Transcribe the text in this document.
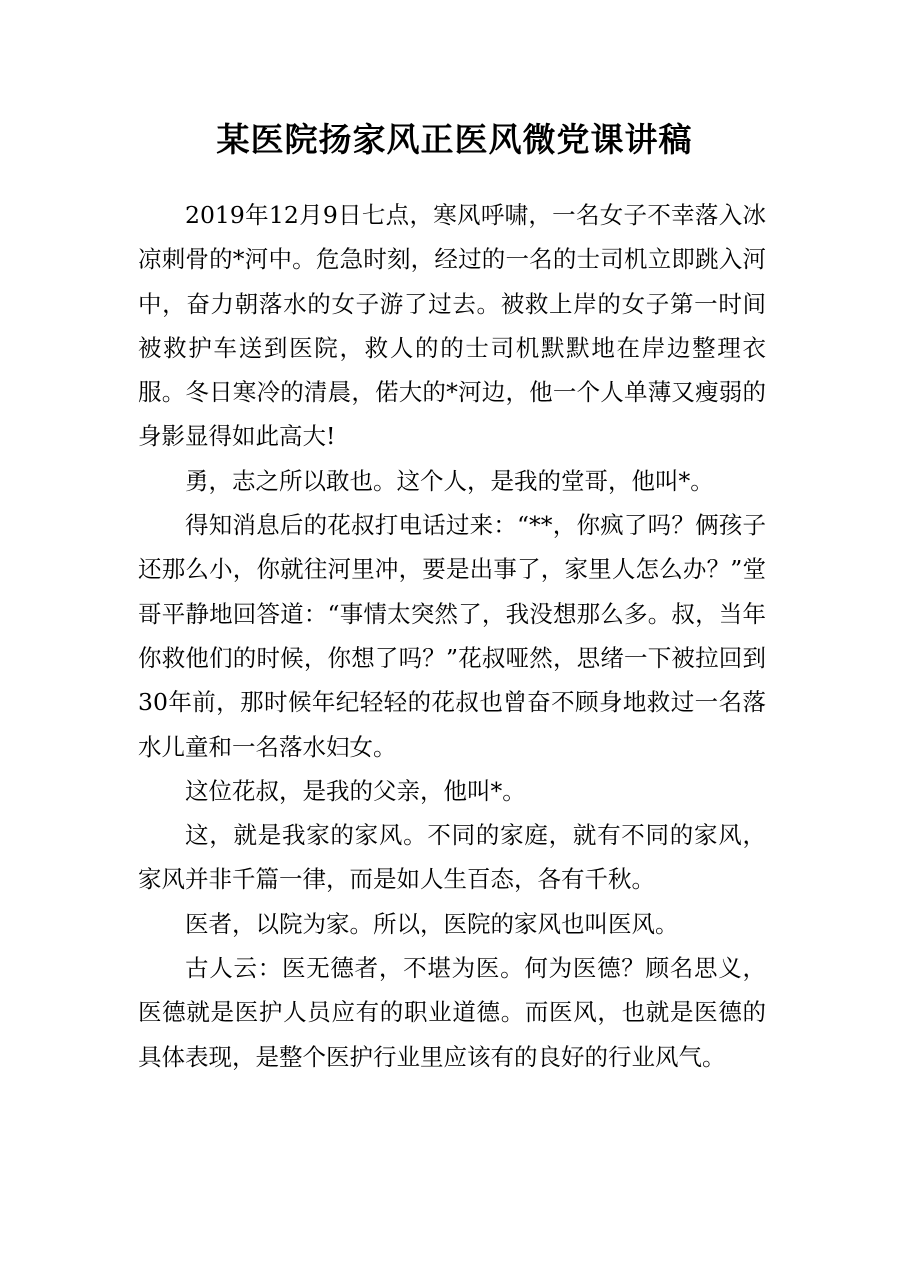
某医院扬家风正医风微党课讲稿

2019年12月9日七点，寒风呼啸，一名女子不幸落入冰凉刺骨的*河中。危急时刻，经过的一名的士司机立即跳入河中，奋力朝落水的女子游了过去。被救上岸的女子第一时间被救护车送到医院，救人的的士司机默默地在岸边整理衣服。冬日寒冷的清晨，偌大的*河边，他一个人单薄又瘦弱的身影显得如此高大!

勇，志之所以敢也。这个人，是我的堂哥，他叫*。

得知消息后的花叔打电话过来：“**，你疯了吗？俩孩子还那么小，你就往河里冲，要是出事了，家里人怎么办？”堂哥平静地回答道：“事情太突然了，我没想那么多。叔，当年你救他们的时候，你想了吗？”花叔哑然，思绪一下被拉回到30年前，那时候年纪轻轻的花叔也曾奋不顾身地救过一名落水儿童和一名落水妇女。

这位花叔，是我的父亲，他叫*。

这，就是我家的家风。不同的家庭，就有不同的家风，家风并非千篇一律，而是如人生百态，各有千秋。

医者，以院为家。所以，医院的家风也叫医风。

古人云：医无德者，不堪为医。何为医德？顾名思义，医德就是医护人员应有的职业道德。而医风，也就是医德的具体表现，是整个医护行业里应该有的良好的行业风气。
